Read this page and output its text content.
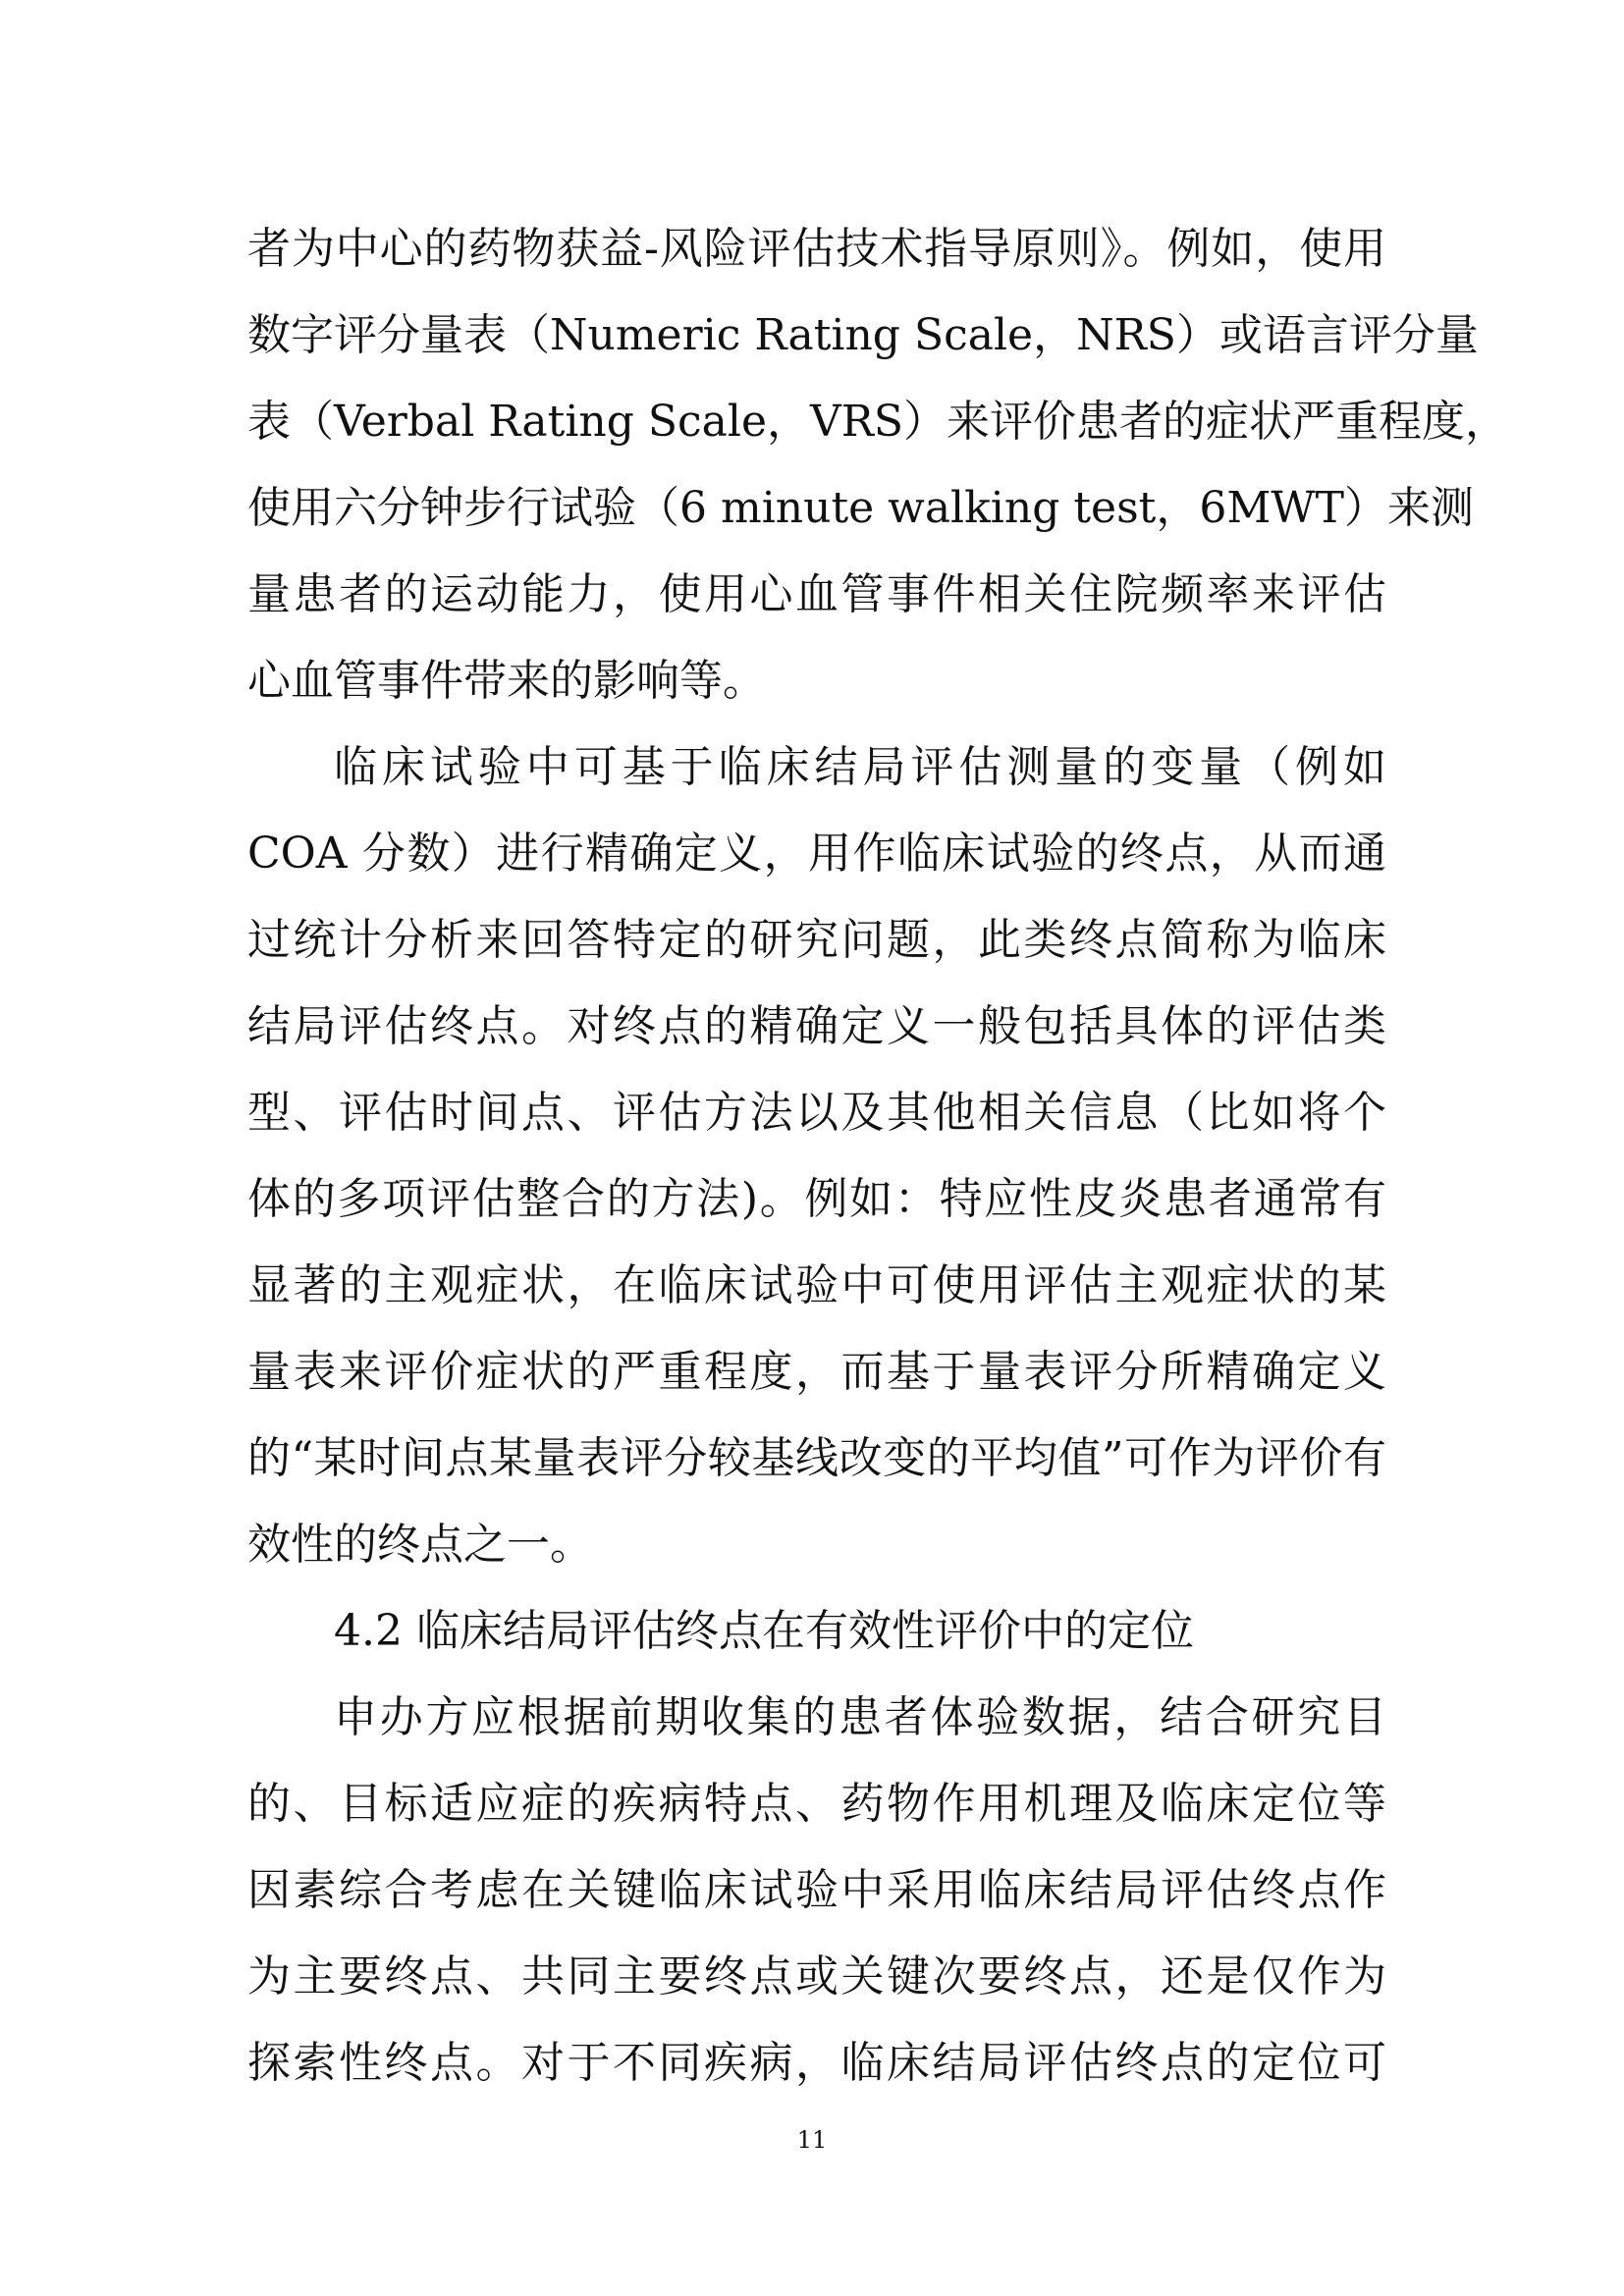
者为中心的药物获益-风险评估技术指导原则》。例如，使用
数字评分量表（Numeric Rating Scale，NRS）或语言评分量
表（Verbal Rating Scale，VRS）来评价患者的症状严重程度，
使用六分钟步行试验（6 minute walking test，6MWT）来测
量患者的运动能力，使用心血管事件相关住院频率来评估
心血管事件带来的影响等。
临床试验中可基于临床结局评估测量的变量（例如
COA 分数）进行精确定义，用作临床试验的终点，从而通
过统计分析来回答特定的研究问题，此类终点简称为临床
结局评估终点。对终点的精确定义一般包括具体的评估类
型、评估时间点、评估方法以及其他相关信息（比如将个
体的多项评估整合的方法)。例如：特应性皮炎患者通常有
显著的主观症状，在临床试验中可使用评估主观症状的某
量表来评价症状的严重程度，而基于量表评分所精确定义
的“某时间点某量表评分较基线改变的平均值”可作为评价有
效性的终点之一。
4.2 临床结局评估终点在有效性评价中的定位
申办方应根据前期收集的患者体验数据，结合研究目
的、目标适应症的疾病特点、药物作用机理及临床定位等
因素综合考虑在关键临床试验中采用临床结局评估终点作
为主要终点、共同主要终点或关键次要终点，还是仅作为
探索性终点。对于不同疾病，临床结局评估终点的定位可
11
